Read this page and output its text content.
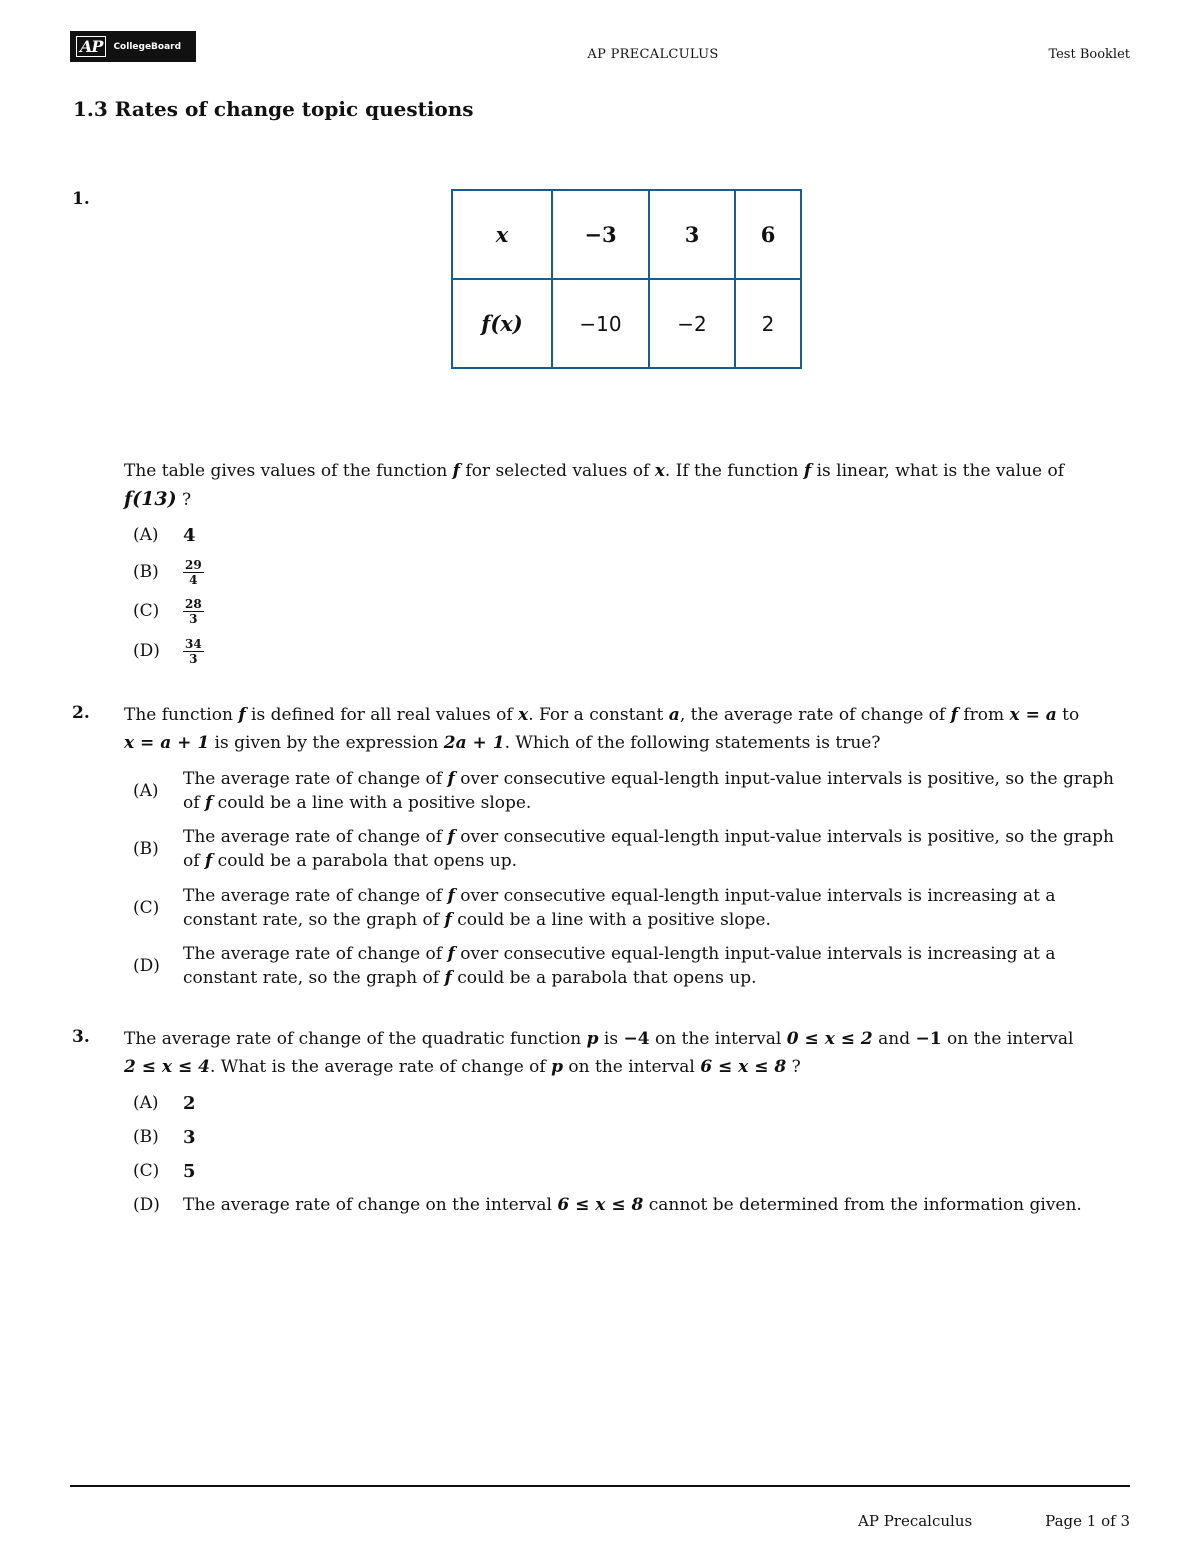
AP	CollegeBoard
AP PRECALCULUS	Test Booklet
1.3 Rates of change topic questions
1.
x	−3	3	6
f(x)	−10	−2	2
The table gives values of the function f for selected values of x. If the function f is linear, what is the value of
f(13) ?
(A)	4
(B)	$\frac{29}{4}$
(C)	$\frac{28}{3}$
(D)	$\frac{34}{3}$
2. The function f is defined for all real values of x. For a constant a, the average rate of change of f from x = a to
x = a + 1 is given by the expression 2a + 1. Which of the following statements is true?
(A)
The average rate of change of f over consecutive equal-length input-value intervals is positive, so the graph of f could be a line with a positive slope.
(B)
The average rate of change of f over consecutive equal-length input-value intervals is positive, so the graph of f could be a parabola that opens up.
(C)
The average rate of change of f over consecutive equal-length input-value intervals is increasing at a constant rate, so the graph of f could be a line with a positive slope.
(D)
The average rate of change of f over consecutive equal-length input-value intervals is increasing at a constant rate, so the graph of f could be a parabola that opens up.
3. The average rate of change of the quadratic function p is −4 on the interval 0 ≤ x ≤ 2 and −1 on the interval
2 ≤ x ≤ 4. What is the average rate of change of p on the interval 6 ≤ x ≤ 8 ?
(A)	2
(B)	3
(C)	5
(D)	The average rate of change on the interval 6 ≤ x ≤ 8 cannot be determined from the information given.
AP Precalculus	Page 1 of 3
